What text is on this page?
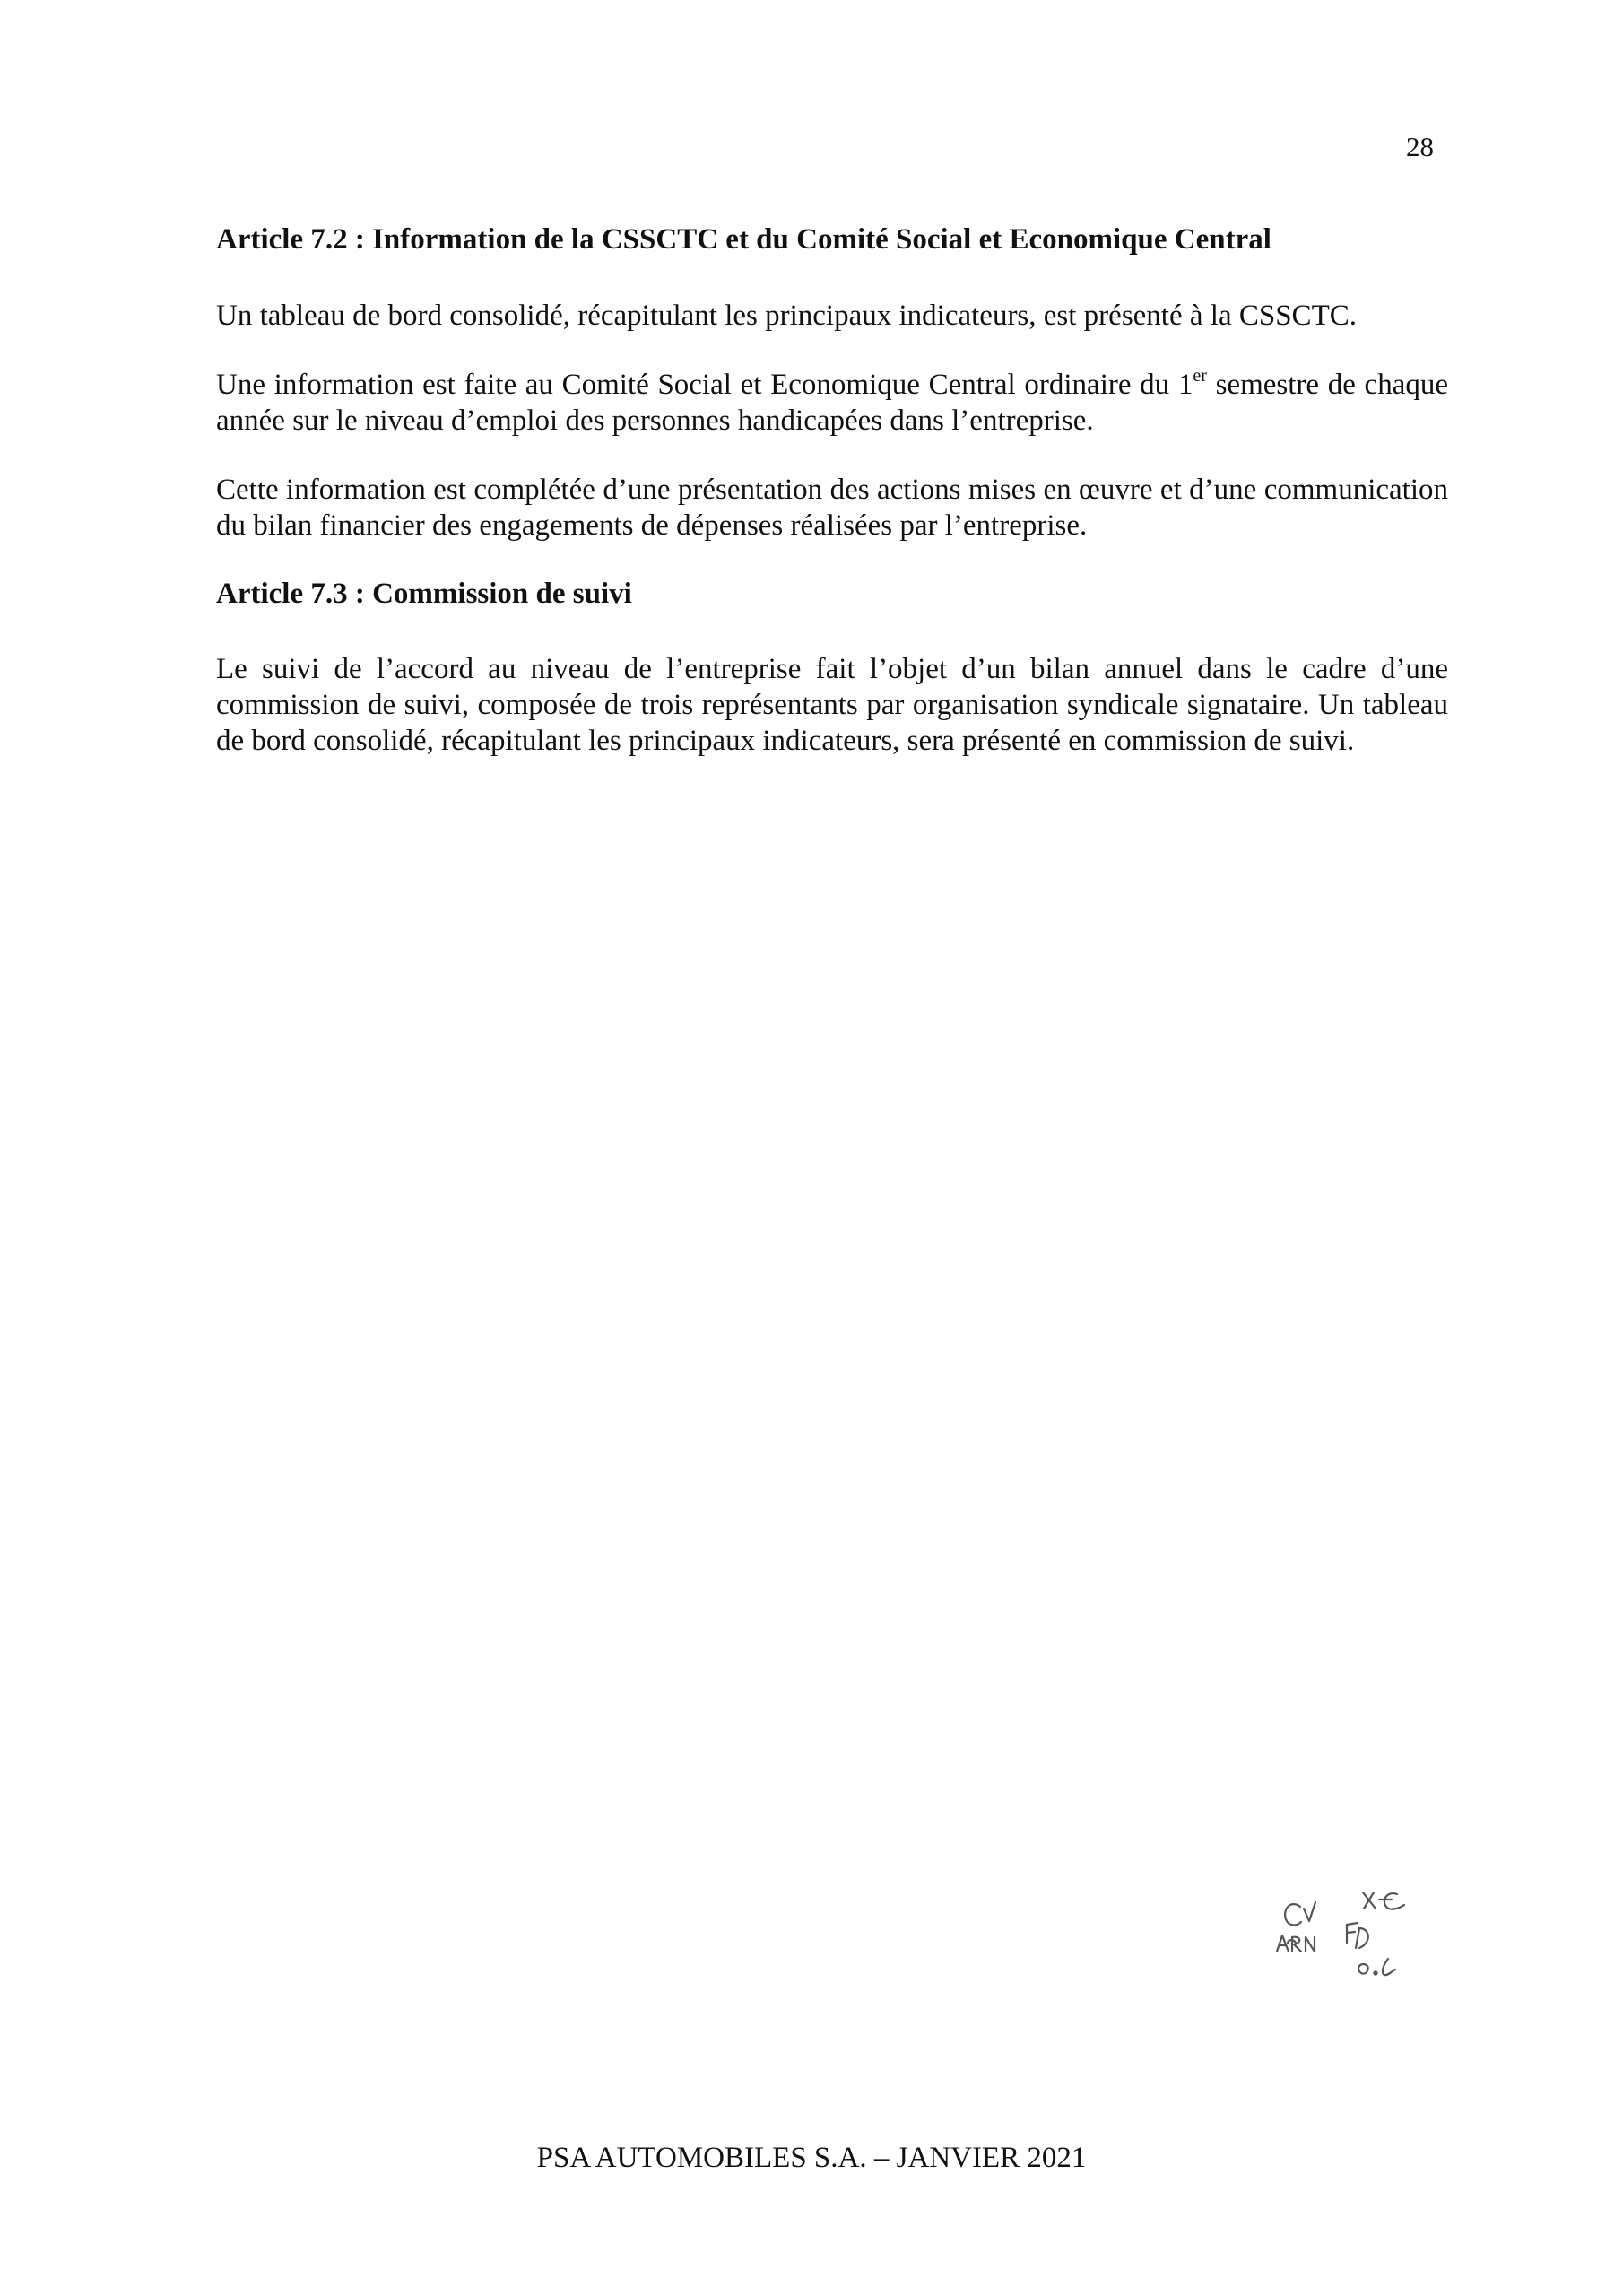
28
Article 7.2 : Information de la CSSCTC et du Comité Social et Economique Central

Un tableau de bord consolidé, récapitulant les principaux indicateurs, est présenté à la CSSCTC.

Une information est faite au Comité Social et Economique Central ordinaire du 1er semestre de chaque année sur le niveau d’emploi des personnes handicapées dans l’entreprise.

Cette information est complétée d’une présentation des actions mises en œuvre et d’une communication du bilan financier des engagements de dépenses réalisées par l’entreprise.

Article 7.3 : Commission de suivi

Le suivi de l’accord au niveau de l’entreprise fait l’objet d’un bilan annuel dans le cadre d’une commission de suivi, composée de trois représentants par organisation syndicale signataire. Un tableau de bord consolidé, récapitulant les principaux indicateurs, sera présenté en commission de suivi.

PSA AUTOMOBILES S.A. – JANVIER 2021
